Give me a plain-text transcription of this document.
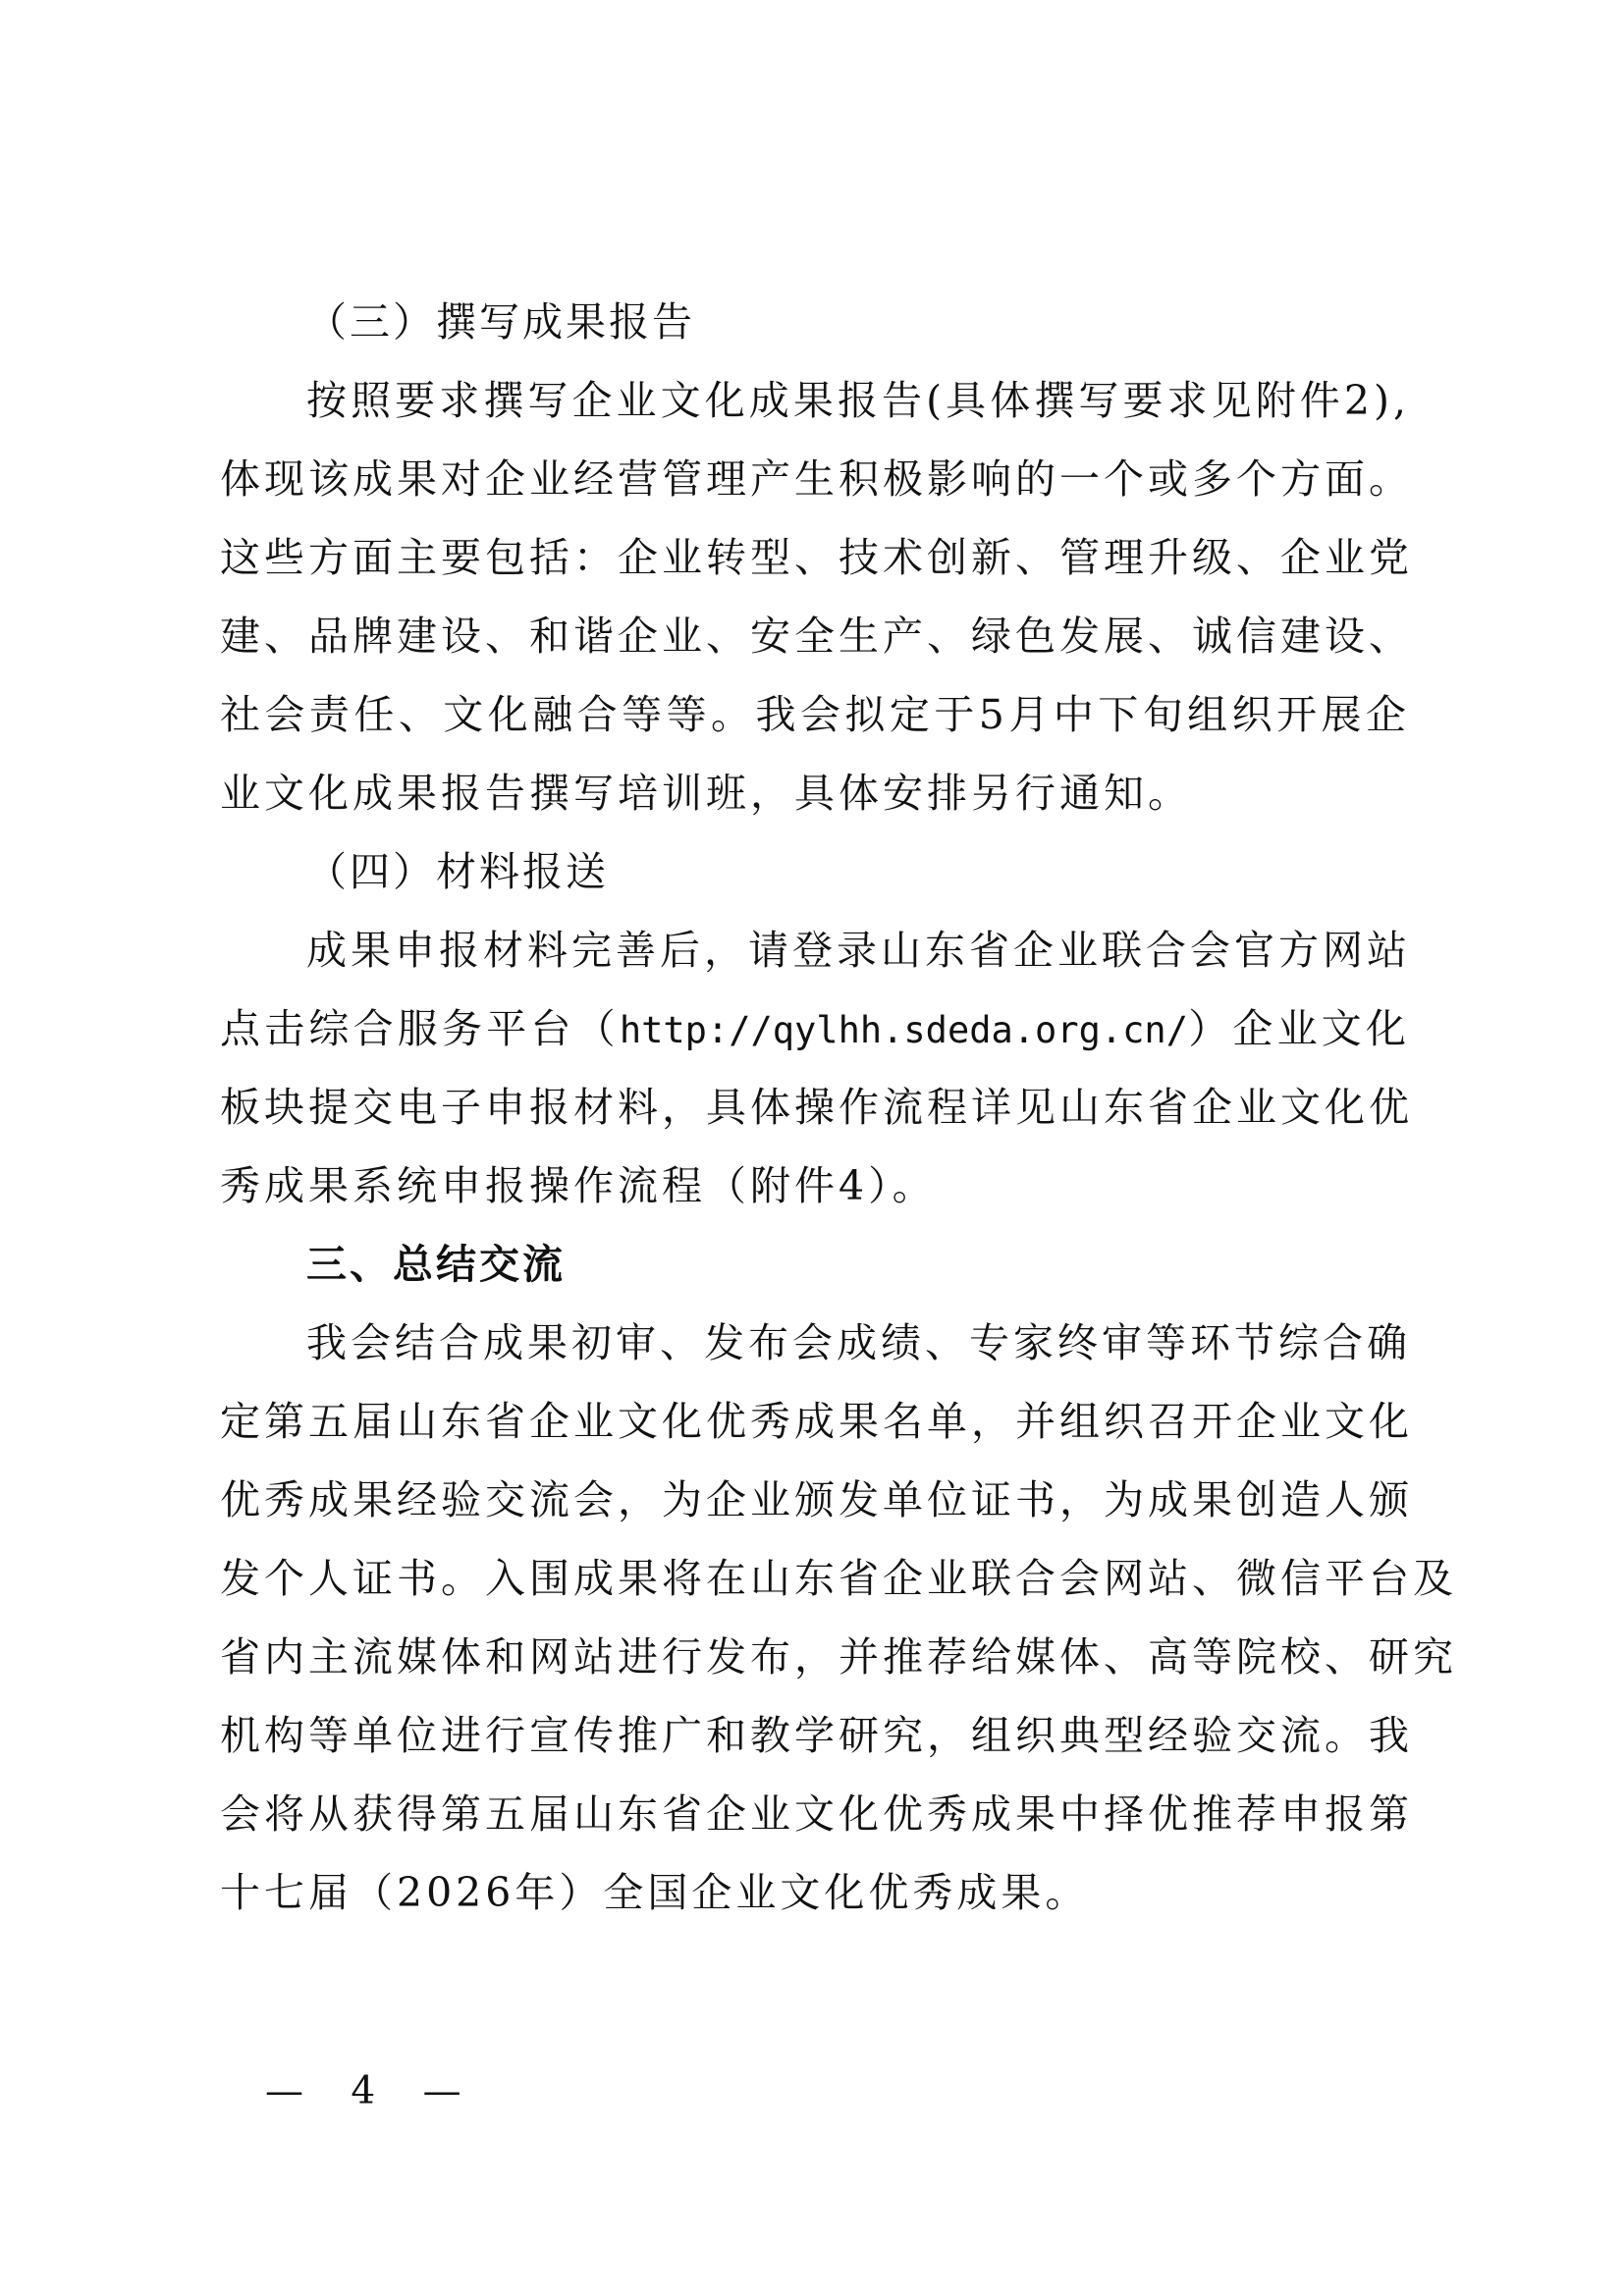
（三）撰写成果报告
按照要求撰写企业文化成果报告(具体撰写要求见附件2),
体现该成果对企业经营管理产生积极影响的一个或多个方面。
这些方面主要包括：企业转型、技术创新、管理升级、企业党
建、品牌建设、和谐企业、安全生产、绿色发展、诚信建设、
社会责任、文化融合等等。我会拟定于5月中下旬组织开展企
业文化成果报告撰写培训班，具体安排另行通知。
（四）材料报送
成果申报材料完善后，请登录山东省企业联合会官方网站
点击综合服务平台（http://qylhh.sdeda.org.cn/）企业文化
板块提交电子申报材料，具体操作流程详见山东省企业文化优
秀成果系统申报操作流程（附件4）。
三、总结交流
我会结合成果初审、发布会成绩、专家终审等环节综合确
定第五届山东省企业文化优秀成果名单，并组织召开企业文化
优秀成果经验交流会，为企业颁发单位证书，为成果创造人颁
发个人证书。入围成果将在山东省企业联合会网站、微信平台及
省内主流媒体和网站进行发布，并推荐给媒体、高等院校、研究
机构等单位进行宣传推广和教学研究，组织典型经验交流。我
会将从获得第五届山东省企业文化优秀成果中择优推荐申报第
十七届（2026年）全国企业文化优秀成果。
— 4 —
